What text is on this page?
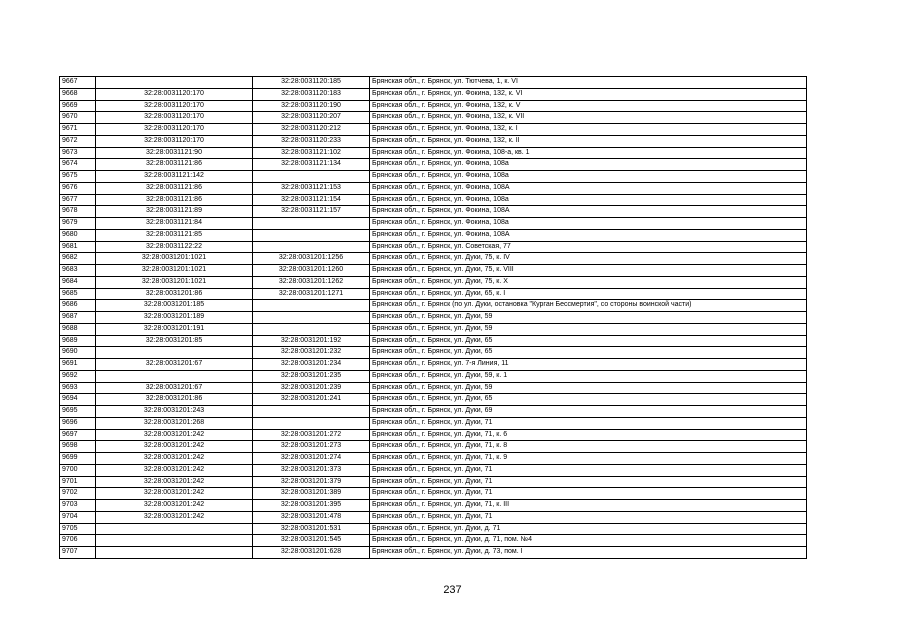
9667		32:28:0031120:185	Брянская обл., г. Брянск, ул. Тютчева, 1, к. VI
9668	32:28:0031120:170	32:28:0031120:183	Брянская обл., г. Брянск, ул. Фокина, 132, к. VI
9669	32:28:0031120:170	32:28:0031120:190	Брянская обл., г. Брянск, ул. Фокина, 132, к. V
9670	32:28:0031120:170	32:28:0031120:207	Брянская обл., г. Брянск, ул. Фокина, 132, к. VII
9671	32:28:0031120:170	32:28:0031120:212	Брянская обл., г. Брянск, ул. Фокина, 132, к. I
9672	32:28:0031120:170	32:28:0031120:233	Брянская обл., г. Брянск, ул. Фокина, 132, к. II
9673	32:28:0031121:90	32:28:0031121:102	Брянская обл., г. Брянск, ул. Фокина, 108-а, кв. 1
9674	32:28:0031121:86	32:28:0031121:134	Брянская обл., г. Брянск, ул. Фокина, 108а
9675	32:28:0031121:142		Брянская обл., г. Брянск, ул. Фокина, 108а
9676	32:28:0031121:86	32:28:0031121:153	Брянская обл., г. Брянск, ул. Фокина, 108А
9677	32:28:0031121:86	32:28:0031121:154	Брянская обл., г. Брянск, ул. Фокина, 108а
9678	32:28:0031121:89	32:28:0031121:157	Брянская обл., г. Брянск, ул. Фокина, 108А
9679	32:28:0031121:84		Брянская обл., г. Брянск, ул. Фокина, 108а
9680	32:28:0031121:85		Брянская обл., г. Брянск, ул. Фокина, 108А
9681	32:28:0031122:22		Брянская обл., г. Брянск, ул. Советская, 77
9682	32:28:0031201:1021	32:28:0031201:1256	Брянская обл., г. Брянск, ул. Дуки, 75, к. IV
9683	32:28:0031201:1021	32:28:0031201:1260	Брянская обл., г. Брянск, ул. Дуки, 75, к. VIII
9684	32:28:0031201:1021	32:28:0031201:1262	Брянская обл., г. Брянск, ул. Дуки, 75, к. X
9685	32:28:0031201:86	32:28:0031201:1271	Брянская обл., г. Брянск, ул. Дуки, 65, к. I
9686	32:28:0031201:185		Брянская обл., г. Брянск (по ул. Дуки, остановка "Курган Бессмертия", со стороны воинской части)
9687	32:28:0031201:189		Брянская обл., г. Брянск, ул. Дуки, 59
9688	32:28:0031201:191		Брянская обл., г. Брянск, ул. Дуки, 59
9689	32:28:0031201:85	32:28:0031201:192	Брянская обл., г. Брянск, ул. Дуки, 65
9690		32:28:0031201:232	Брянская обл., г. Брянск, ул. Дуки, 65
9691	32:28:0031201:67	32:28:0031201:234	Брянская обл., г. Брянск, ул. 7-я Линия, 11
9692		32:28:0031201:235	Брянская обл., г. Брянск, ул. Дуки, 59, к. 1
9693	32:28:0031201:67	32:28:0031201:239	Брянская обл., г. Брянск, ул. Дуки, 59
9694	32:28:0031201:86	32:28:0031201:241	Брянская обл., г. Брянск, ул. Дуки, 65
9695	32:28:0031201:243		Брянская обл., г. Брянск, ул. Дуки, 69
9696	32:28:0031201:268		Брянская обл., г. Брянск, ул. Дуки, 71
9697	32:28:0031201:242	32:28:0031201:272	Брянская обл., г. Брянск, ул. Дуки, 71, к. 6
9698	32:28:0031201:242	32:28:0031201:273	Брянская обл., г. Брянск, ул. Дуки, 71, к. 8
9699	32:28:0031201:242	32:28:0031201:274	Брянская обл., г. Брянск, ул. Дуки, 71, к. 9
9700	32:28:0031201:242	32:28:0031201:373	Брянская обл., г. Брянск, ул. Дуки, 71
9701	32:28:0031201:242	32:28:0031201:379	Брянская обл., г. Брянск, ул. Дуки, 71
9702	32:28:0031201:242	32:28:0031201:389	Брянская обл., г. Брянск, ул. Дуки, 71
9703	32:28:0031201:242	32:28:0031201:395	Брянская обл., г. Брянск, ул. Дуки, 71, к. III
9704	32:28:0031201:242	32:28:0031201:478	Брянская обл., г. Брянск, ул. Дуки, 71
9705		32:28:0031201:531	Брянская обл., г. Брянск, ул. Дуки, д. 71
9706		32:28:0031201:545	Брянская обл., г. Брянск, ул. Дуки, д. 71, пом. №4
9707		32:28:0031201:628	Брянская обл., г. Брянск, ул. Дуки, д. 73, пом. I
237
